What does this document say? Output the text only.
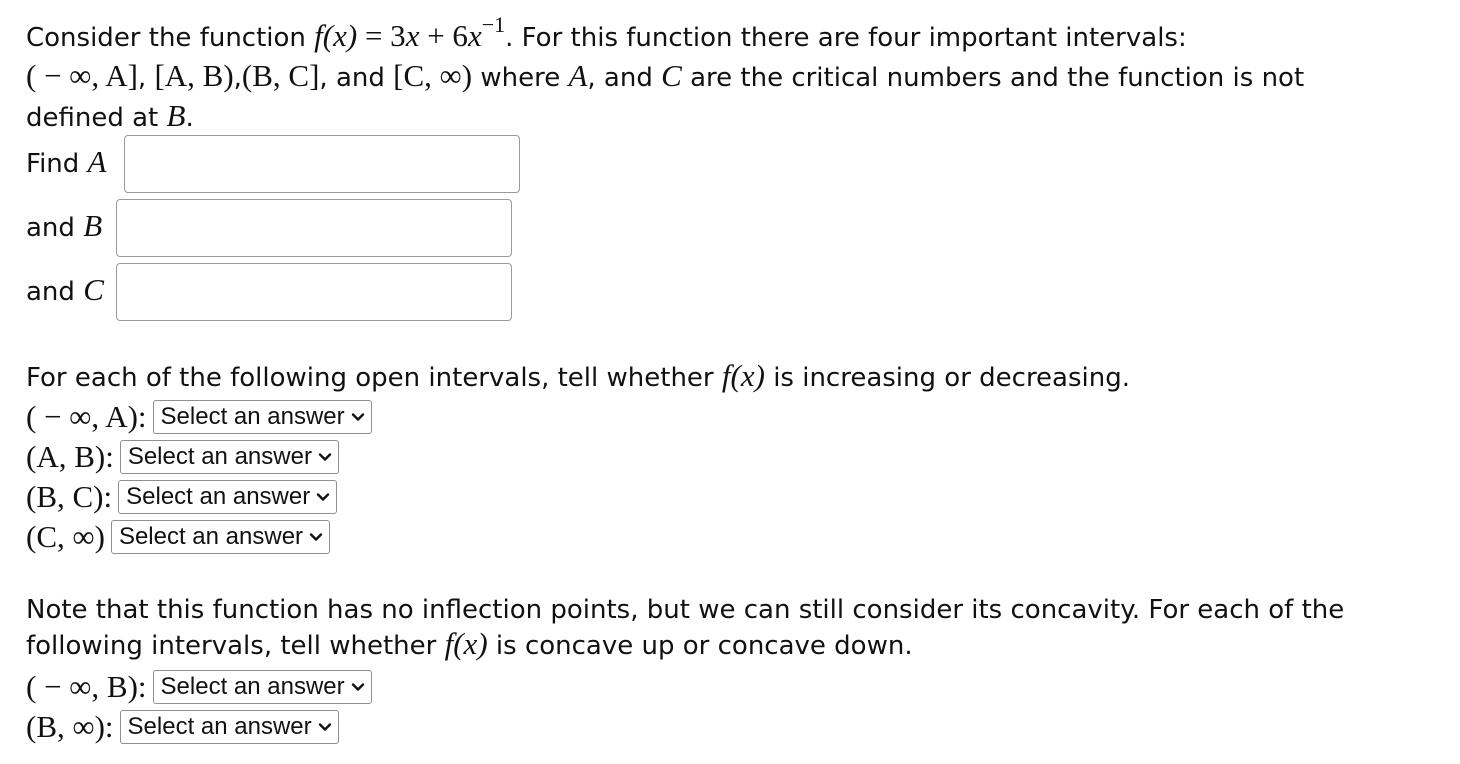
Consider the function $f(x) = 3x + 6x^{-1}$. For this function there are four important intervals:
( − ∞, A], [A, B),(B, C], and [C, ∞) where A, and C are the critical numbers and the function is not
defined at B.
Find A
and B
and C
For each of the following open intervals, tell whether f(x) is increasing or decreasing.
( − ∞, A): Select an answer
(A, B): Select an answer
(B, C): Select an answer
(C, ∞) Select an answer
Note that this function has no inflection points, but we can still consider its concavity. For each of the
following intervals, tell whether f(x) is concave up or concave down.
( − ∞, B): Select an answer
(B, ∞): Select an answer
